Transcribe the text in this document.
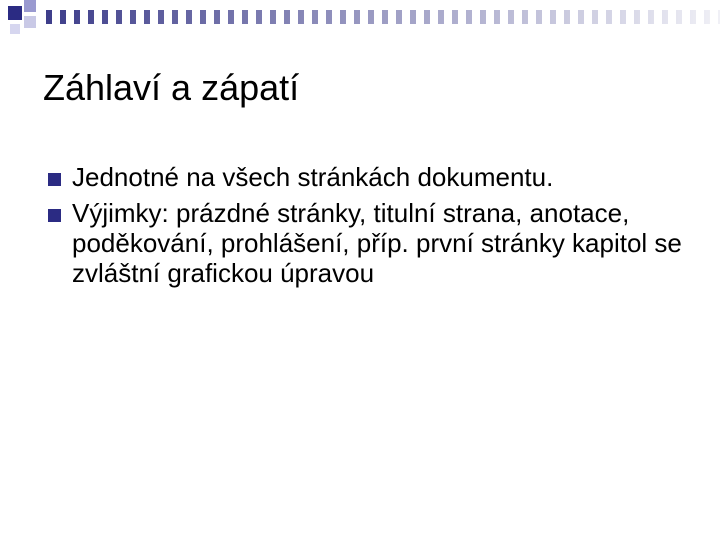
Záhlaví a zápatí
Jednotné na všech stránkách dokumentu.
Výjimky: prázdné stránky, titulní strana, anotace, poděkování, prohlášení, příp. první stránky kapitol se zvláštní grafickou úpravou
